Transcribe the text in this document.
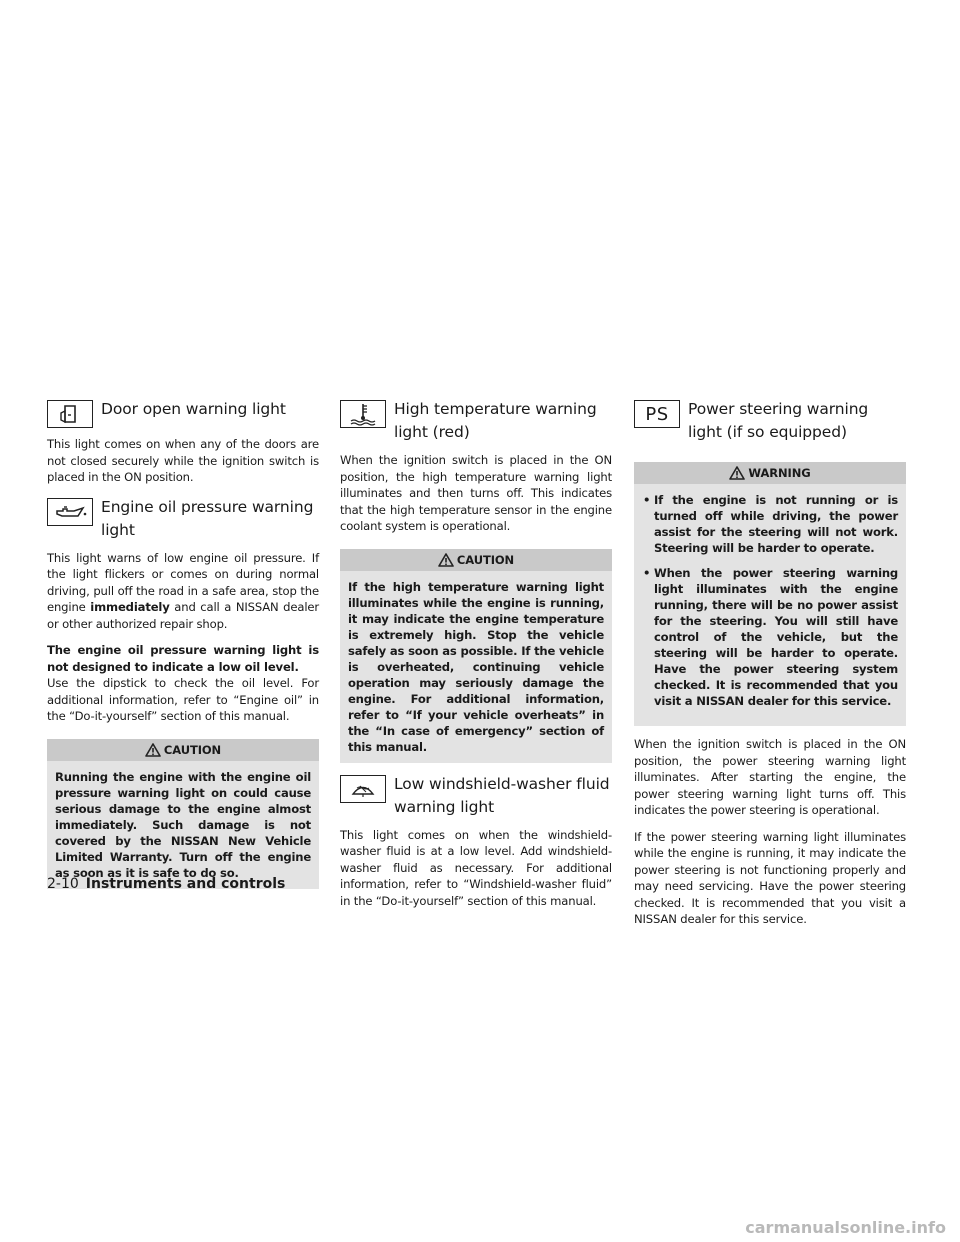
Door open warning light

This light comes on when any of the doors are not closed securely while the ignition switch is placed in the ON position.

Engine oil pressure warning light

This light warns of low engine oil pressure. If the light flickers or comes on during normal driving, pull off the road in a safe area, stop the engine immediately and call a NISSAN dealer or other authorized repair shop.

The engine oil pressure warning light is not designed to indicate a low oil level.

Use the dipstick to check the oil level. For additional information, refer to “Engine oil” in the “Do-it-yourself” section of this manual.

CAUTION
Running the engine with the engine oil pressure warning light on could cause serious damage to the engine almost immediately. Such damage is not covered by the NISSAN New Vehicle Limited Warranty. Turn off the engine as soon as it is safe to do so.
High temperature warning light (red)

When the ignition switch is placed in the ON position, the high temperature warning light illuminates and then turns off. This indicates that the high temperature sensor in the engine coolant system is operational.

CAUTION
If the high temperature warning light illuminates while the engine is running, it may indicate the engine temperature is extremely high. Stop the vehicle safely as soon as possible. If the vehicle is overheated, continuing vehicle operation may seriously damage the engine. For additional information, refer to “If your vehicle overheats” in the “In case of emergency” section of this manual.
Low windshield-washer fluid warning light

This light comes on when the windshield-washer fluid is at a low level. Add windshield-washer fluid as necessary. For additional information, refer to “Windshield-washer fluid” in the “Do-it-yourself” section of this manual.

PS Power steering warning light (if so equipped)
WARNING
• If the engine is not running or is turned off while driving, the power assist for the steering will not work. Steering will be harder to operate.
• When the power steering warning light illuminates with the engine running, there will be no power assist for the steering. You will still have control of the vehicle, but the steering will be harder to operate. Have the power steering system checked. It is recommended that you visit a NISSAN dealer for this service.

When the ignition switch is placed in the ON position, the power steering warning light illuminates. After starting the engine, the power steering warning light turns off. This indicates the power steering is operational.

If the power steering warning light illuminates while the engine is running, it may indicate the power steering is not functioning properly and may need servicing. Have the power steering checked. It is recommended that you visit a NISSAN dealer for this service.

2-10 Instruments and controls
carmanualsonline.info
